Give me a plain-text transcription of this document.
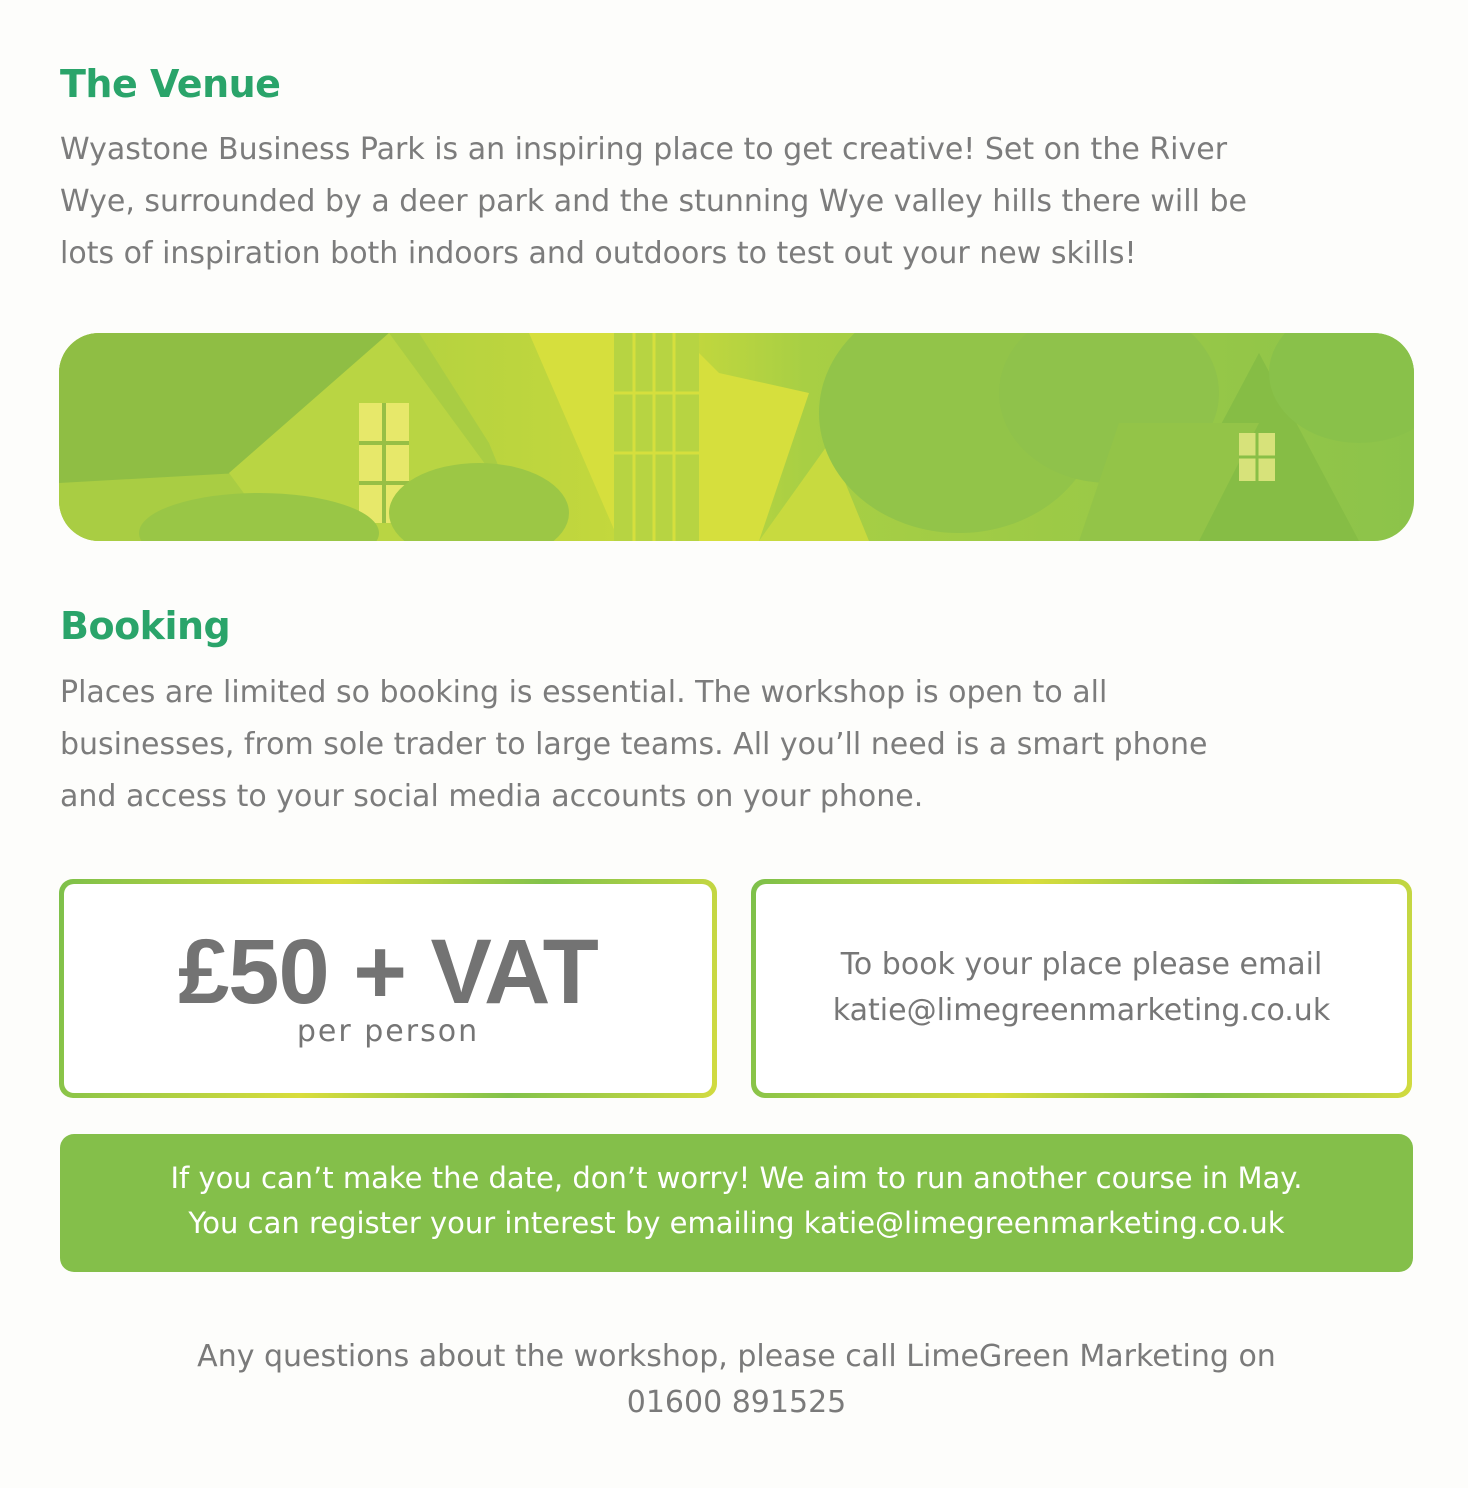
The Venue

Wyastone Business Park is an inspiring place to get creative! Set on the River
Wye, surrounded by a deer park and the stunning Wye valley hills there will be
lots of inspiration both indoors and outdoors to test out your new skills!

Booking

Places are limited so booking is essential. The workshop is open to all
businesses, from sole trader to large teams. All you’ll need is a smart phone
and access to your social media accounts on your phone.

£50 + VAT
per person
To book your place please email
katie@limegreenmarketing.co.uk
If you can’t make the date, don’t worry! We aim to run another course in May.
You can register your interest by emailing katie@limegreenmarketing.co.uk
Any questions about the workshop, please call LimeGreen Marketing on
01600 891525
